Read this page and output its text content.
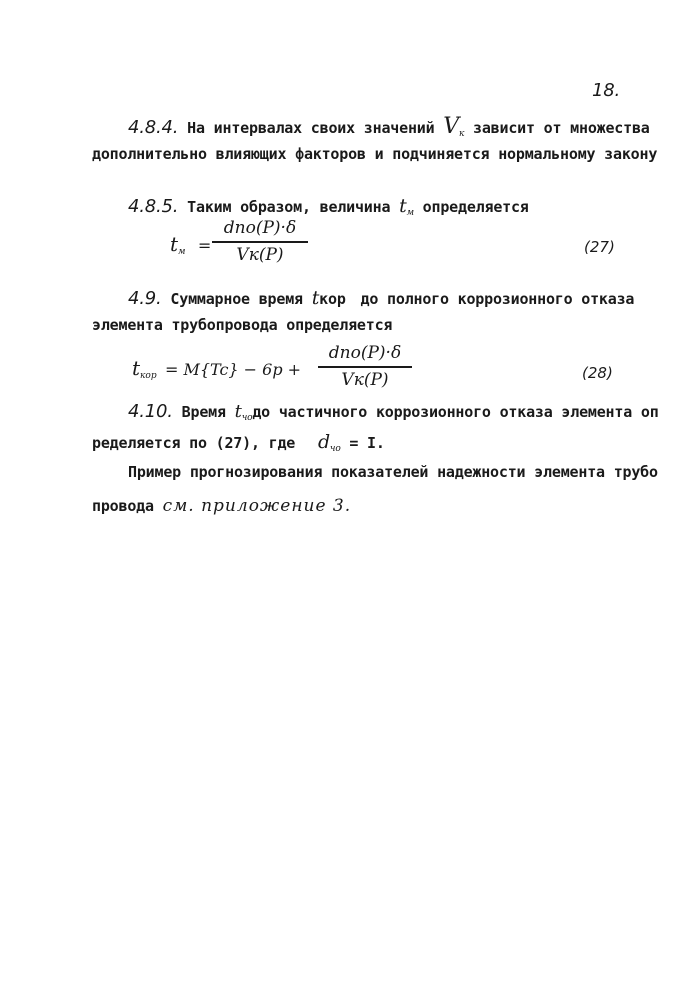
18.
4.8.4. На интервалах своих значений $V_к$ зависит от множества
дополнительно влияющих факторов и подчиняется нормальному закону
4.8.5. Таким образом, величина $t_м$ определяется
$t_м$ =
dпо(P)·δ
Vк(P)	(27)
4.9. Суммарное время tкор до полного коррозионного отказа
элемента трубопровода определяется
$t_{кор} = M\{Tc\} - 6р$ +
dпо(P)·δ
Vк(P)	(28)
4.10. Время $t_{чо}до$ частичного коррозионного отказа элемента оп
ределяется по (27), где $d_{чо} = I$.
Пример прогнозирования показателей надежности элемента трубо
провода см. приложение 3.
